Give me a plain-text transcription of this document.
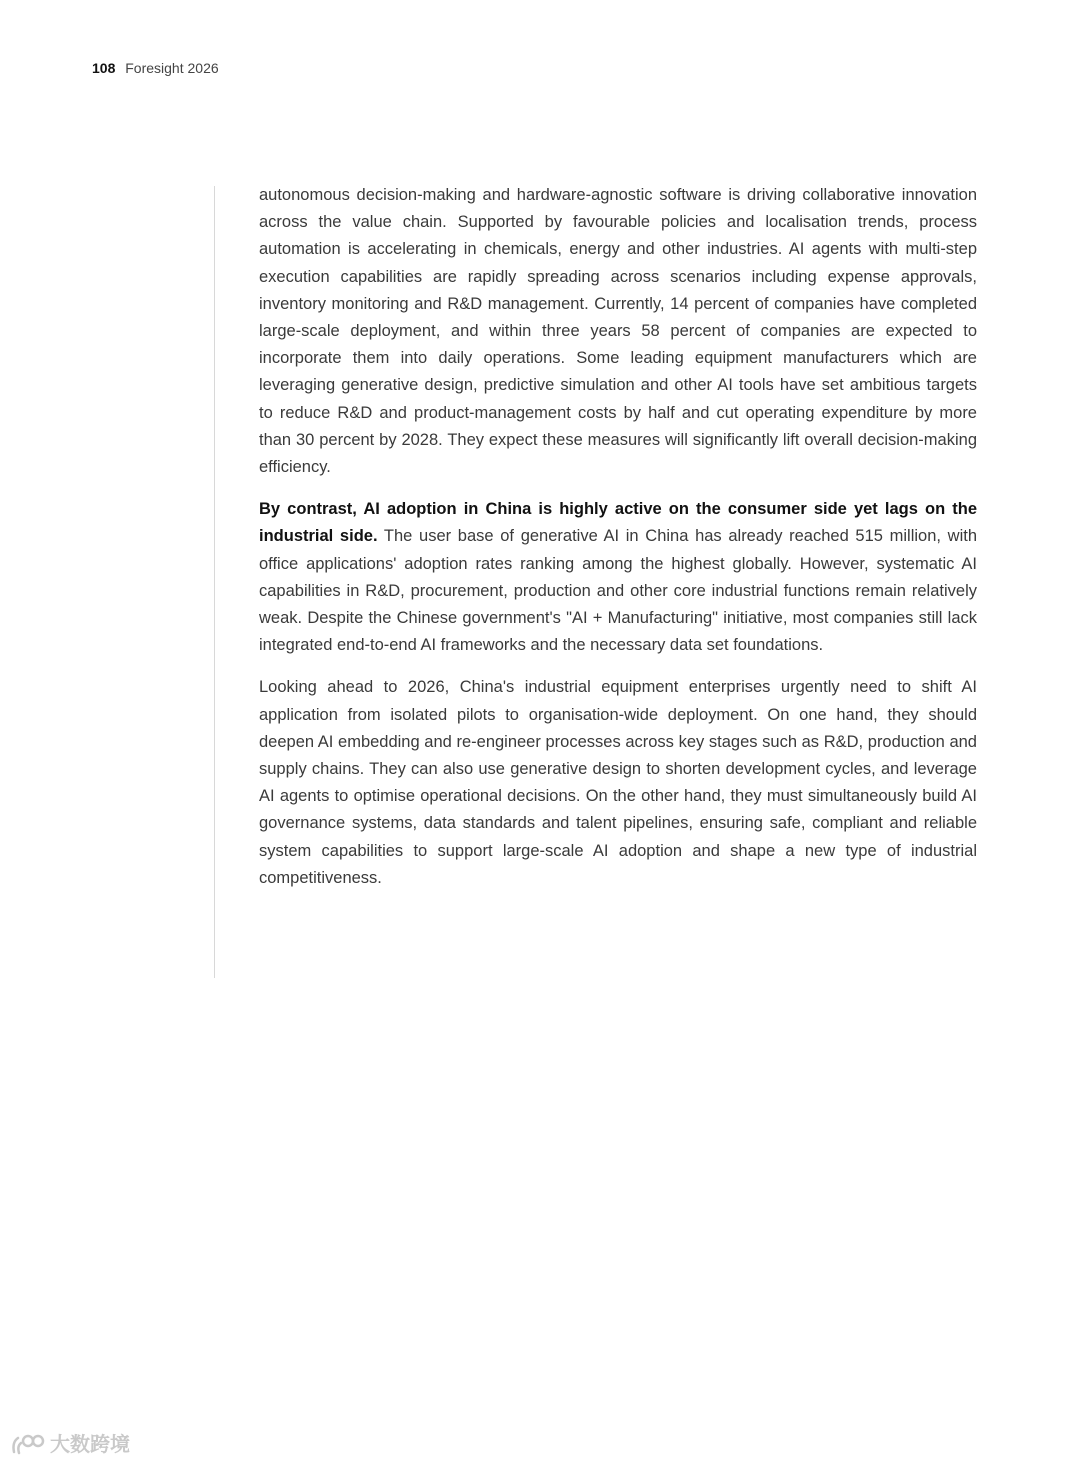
108 Foresight 2026

autonomous decision-making and hardware-agnostic software is driving collaborative innovation across the value chain. Supported by favourable policies and localisation trends, process automation is accelerating in chemicals, energy and other industries. AI agents with multi-step execution capabilities are rapidly spreading across scenarios including expense approvals, inventory monitoring and R&D management. Currently, 14 percent of companies have completed large-scale deployment, and within three years 58 percent of companies are expected to incorporate them into daily operations. Some leading equipment manufacturers which are leveraging generative design, predictive simulation and other AI tools have set ambitious targets to reduce R&D and product-management costs by half and cut operating expenditure by more than 30 percent by 2028. They expect these measures will significantly lift overall decision-making efficiency.

By contrast, AI adoption in China is highly active on the consumer side yet lags on the industrial side. The user base of generative AI in China has already reached 515 million, with office applications' adoption rates ranking among the highest globally. However, systematic AI capabilities in R&D, procurement, production and other core industrial functions remain relatively weak. Despite the Chinese government's "AI + Manufacturing" initiative, most companies still lack integrated end-to-end AI frameworks and the necessary data set foundations.

Looking ahead to 2026, China's industrial equipment enterprises urgently need to shift AI application from isolated pilots to organisation-wide deployment. On one hand, they should deepen AI embedding and re-engineer processes across key stages such as R&D, production and supply chains. They can also use generative design to shorten development cycles, and leverage AI agents to optimise operational decisions. On the other hand, they must simultaneously build AI governance systems, data standards and talent pipelines, ensuring safe, compliant and reliable system capabilities to support large-scale AI adoption and shape a new type of industrial competitiveness.

大数跨境
